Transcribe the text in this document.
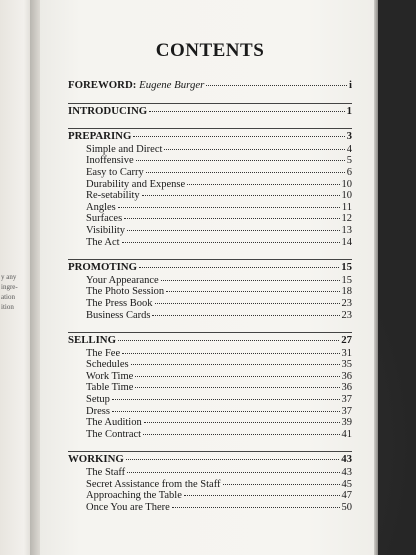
y any
ingre-
ation
ition
CONTENTS
FOREWORD: Eugene Burger	i
INTRODUCING	1
PREPARING	3
Simple and Direct	4
Inoffensive	5
Easy to Carry	6
Durability and Expense	10
Re-setability	10
Angles	11
Surfaces	12
Visibility	13
The Act	14
PROMOTING	15
Your Appearance	15
The Photo Session	18
The Press Book	23
Business Cards	23
SELLING	27
The Fee	31
Schedules	35
Work Time	36
Table Time	36
Setup	37
Dress	37
The Audition	39
The Contract	41
WORKING	43
The Staff	43
Secret Assistance from the Staff	45
Approaching the Table	47
Once You are There	50
